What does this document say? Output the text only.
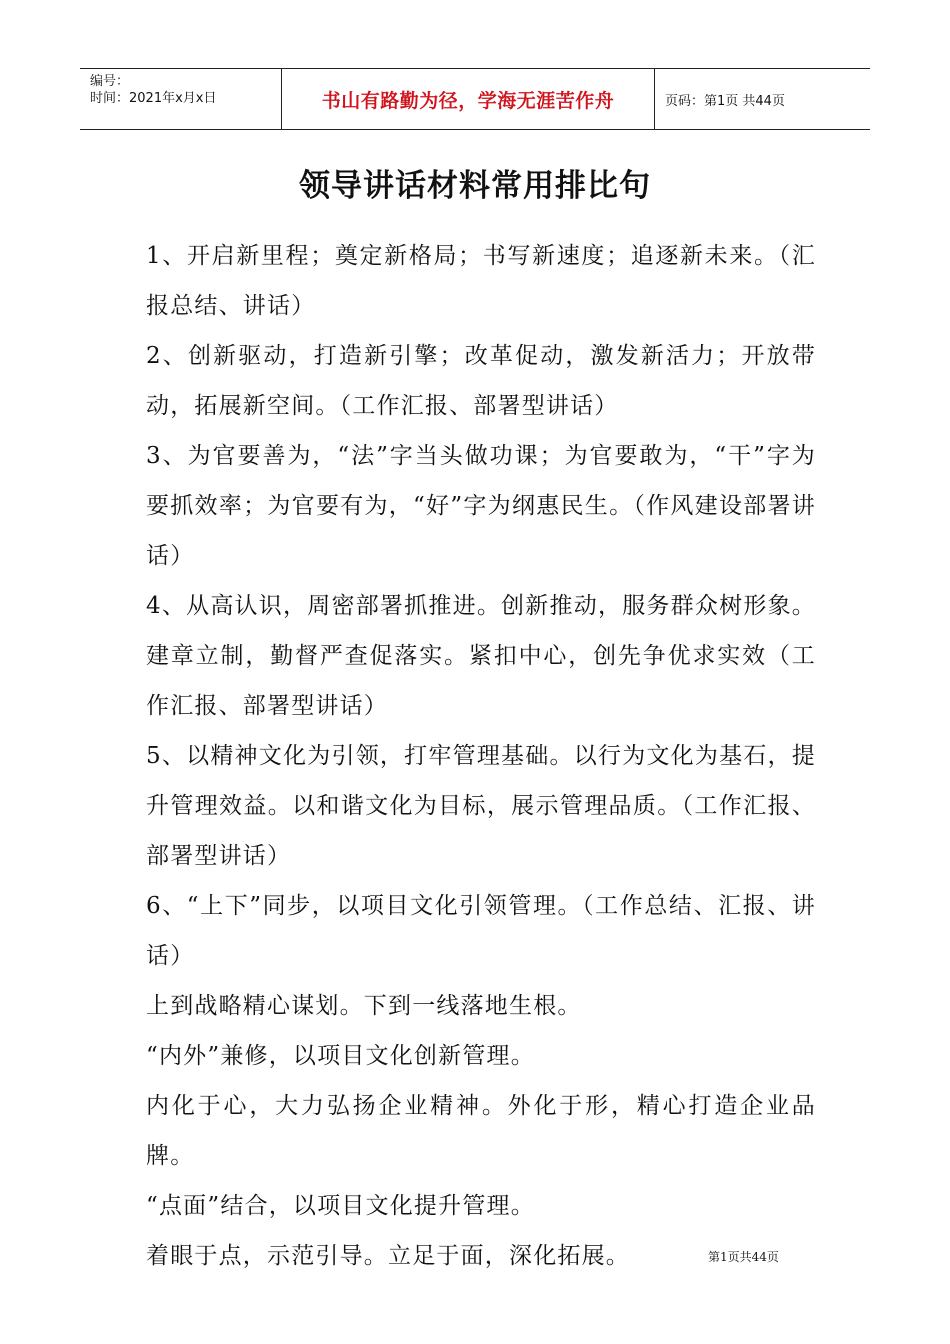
编号：
时间：2021年x月x日	书山有路勤为径，学海无涯苦作舟	页码：第1页 共44页
领导讲话材料常用排比句

1、开启新里程；奠定新格局；书写新速度；追逐新未来。（汇报总结、讲话）

2、创新驱动，打造新引擎；改革促动，激发新活力；开放带动，拓展新空间。（工作汇报、部署型讲话）

3、为官要善为，“法”字当头做功课；为官要敢为，“干”字为要抓效率；为官要有为，“好”字为纲惠民生。（作风建设部署讲话）

4、从高认识，周密部署抓推进。创新推动，服务群众树形象。建章立制，勤督严查促落实。紧扣中心，创先争优求实效（工作汇报、部署型讲话）

5、以精神文化为引领，打牢管理基础。以行为文化为基石，提升管理效益。以和谐文化为目标，展示管理品质。（工作汇报、部署型讲话）

6、“上下”同步，以项目文化引领管理。（工作总结、汇报、讲话）

上到战略精心谋划。下到一线落地生根。

“内外”兼修，以项目文化创新管理。

内化于心，大力弘扬企业精神。外化于形，精心打造企业品牌。

“点面”结合，以项目文化提升管理。

着眼于点，示范引导。立足于面，深化拓展。	第1页共44页
